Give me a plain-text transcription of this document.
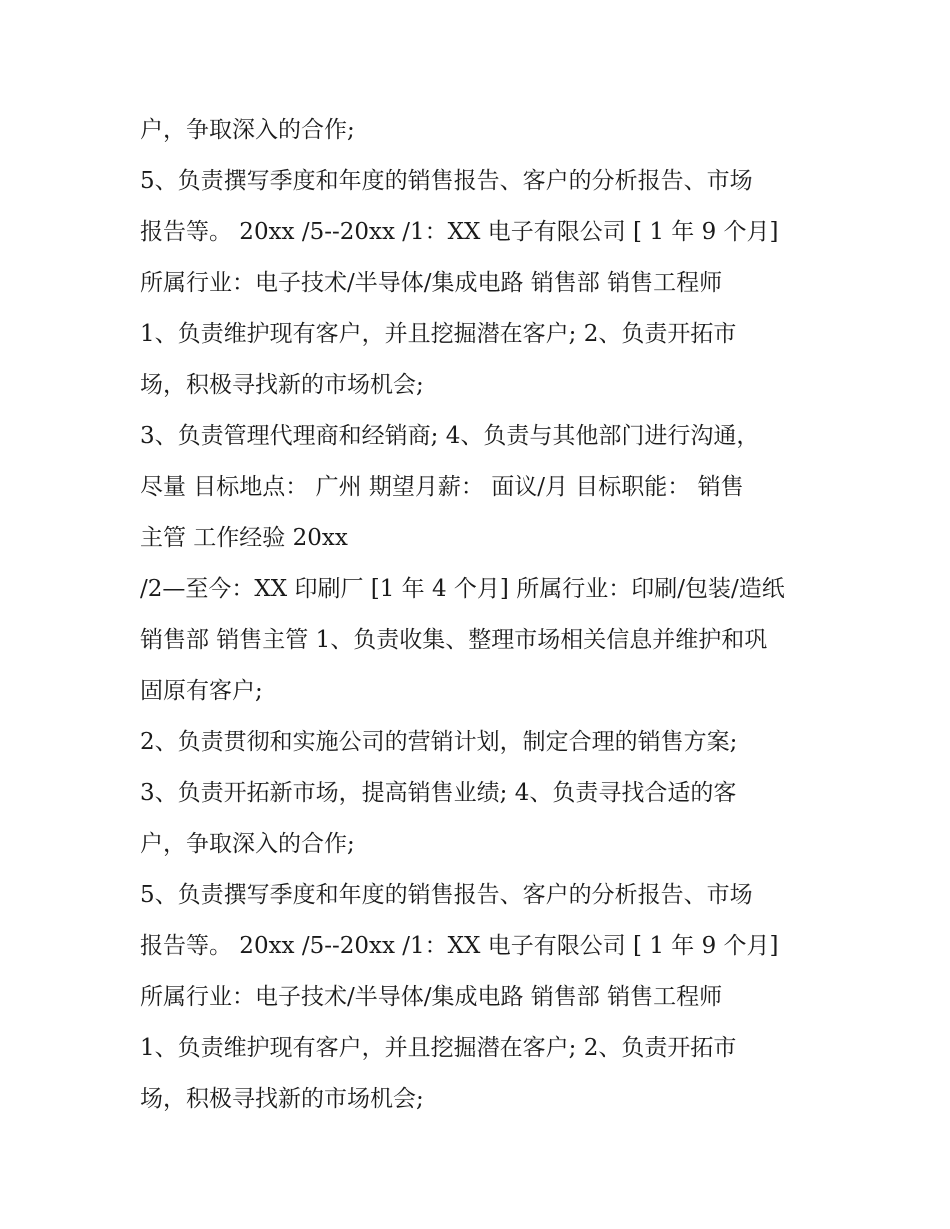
户，争取深入的合作;
5、负责撰写季度和年度的销售报告、客户的分析报告、市场
报告等。 20xx /5--20xx /1：XX 电子有限公司 [ 1 年 9 个月]
所属行业：电子技术/半导体/集成电路 销售部 销售工程师
1、负责维护现有客户，并且挖掘潜在客户; 2、负责开拓市
场，积极寻找新的市场机会;
3、负责管理代理商和经销商; 4、负责与其他部门进行沟通，
尽量 目标地点： 广州 期望月薪： 面议/月 目标职能： 销售
主管 工作经验 20xx
/2—至今：XX 印刷厂 [1 年 4 个月] 所属行业：印刷/包装/造纸
销售部 销售主管 1、负责收集、整理市场相关信息并维护和巩
固原有客户;
2、负责贯彻和实施公司的营销计划，制定合理的销售方案;
3、负责开拓新市场，提高销售业绩; 4、负责寻找合适的客
户，争取深入的合作;
5、负责撰写季度和年度的销售报告、客户的分析报告、市场
报告等。 20xx /5--20xx /1：XX 电子有限公司 [ 1 年 9 个月]
所属行业：电子技术/半导体/集成电路 销售部 销售工程师
1、负责维护现有客户，并且挖掘潜在客户; 2、负责开拓市
场，积极寻找新的市场机会;
